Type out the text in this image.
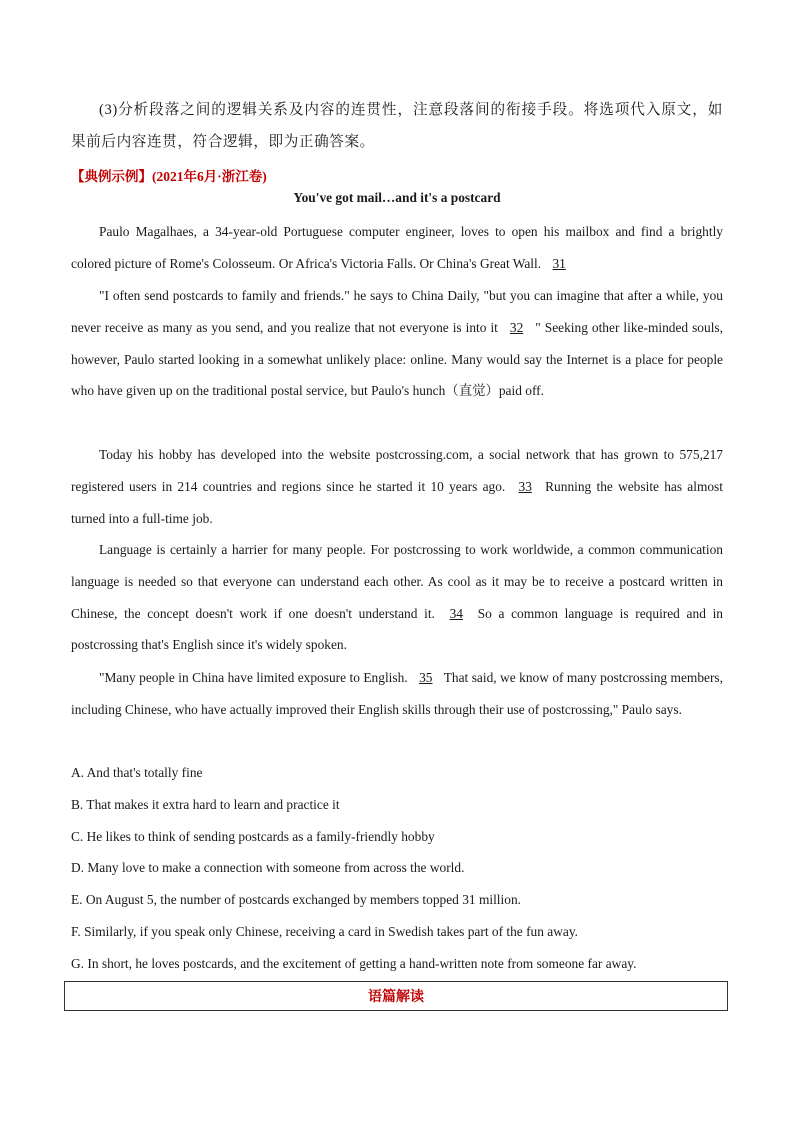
(3)分析段落之间的逻辑关系及内容的连贯性，注意段落间的衔接手段。将选项代入原文，如果前后内容连贯，符合逻辑，即为正确答案。
【典例示例】(2021年6月·浙江卷)
You've got mail…and it's a postcard
Paulo Magalhaes, a 34-year-old Portuguese computer engineer, loves to open his mailbox and find a brightly colored picture of Rome's Colosseum. Or Africa's Victoria Falls. Or China's Great Wall. 31
"I often send postcards to family and friends." he says to China Daily, "but you can imagine that after a while, you never receive as many as you send, and you realize that not everyone is into it 32 " Seeking other like-minded souls, however, Paulo started looking in a somewhat unlikely place: online. Many would say the Internet is a place for people who have given up on the traditional postal service, but Paulo's hunch（直觉）paid off.
Today his hobby has developed into the website postcrossing.com, a social network that has grown to 575,217 registered users in 214 countries and regions since he started it 10 years ago. 33 Running the website has almost turned into a full-time job.
Language is certainly a harrier for many people. For postcrossing to work worldwide, a common communication language is needed so that everyone can understand each other. As cool as it may be to receive a postcard written in Chinese, the concept doesn't work if one doesn't understand it. 34 So a common language is required and in postcrossing that's English since it's widely spoken.
"Many people in China have limited exposure to English. 35 That said, we know of many postcrossing members, including Chinese, who have actually improved their English skills through their use of postcrossing," Paulo says.
A. And that's totally fine
B. That makes it extra hard to learn and practice it
C. He likes to think of sending postcards as a family-friendly hobby
D. Many love to make a connection with someone from across the world.
E. On August 5, the number of postcards exchanged by members topped 31 million.
F. Similarly, if you speak only Chinese, receiving a card in Swedish takes part of the fun away.
G. In short, he loves postcards, and the excitement of getting a hand-written note from someone far away.
语篇解读
